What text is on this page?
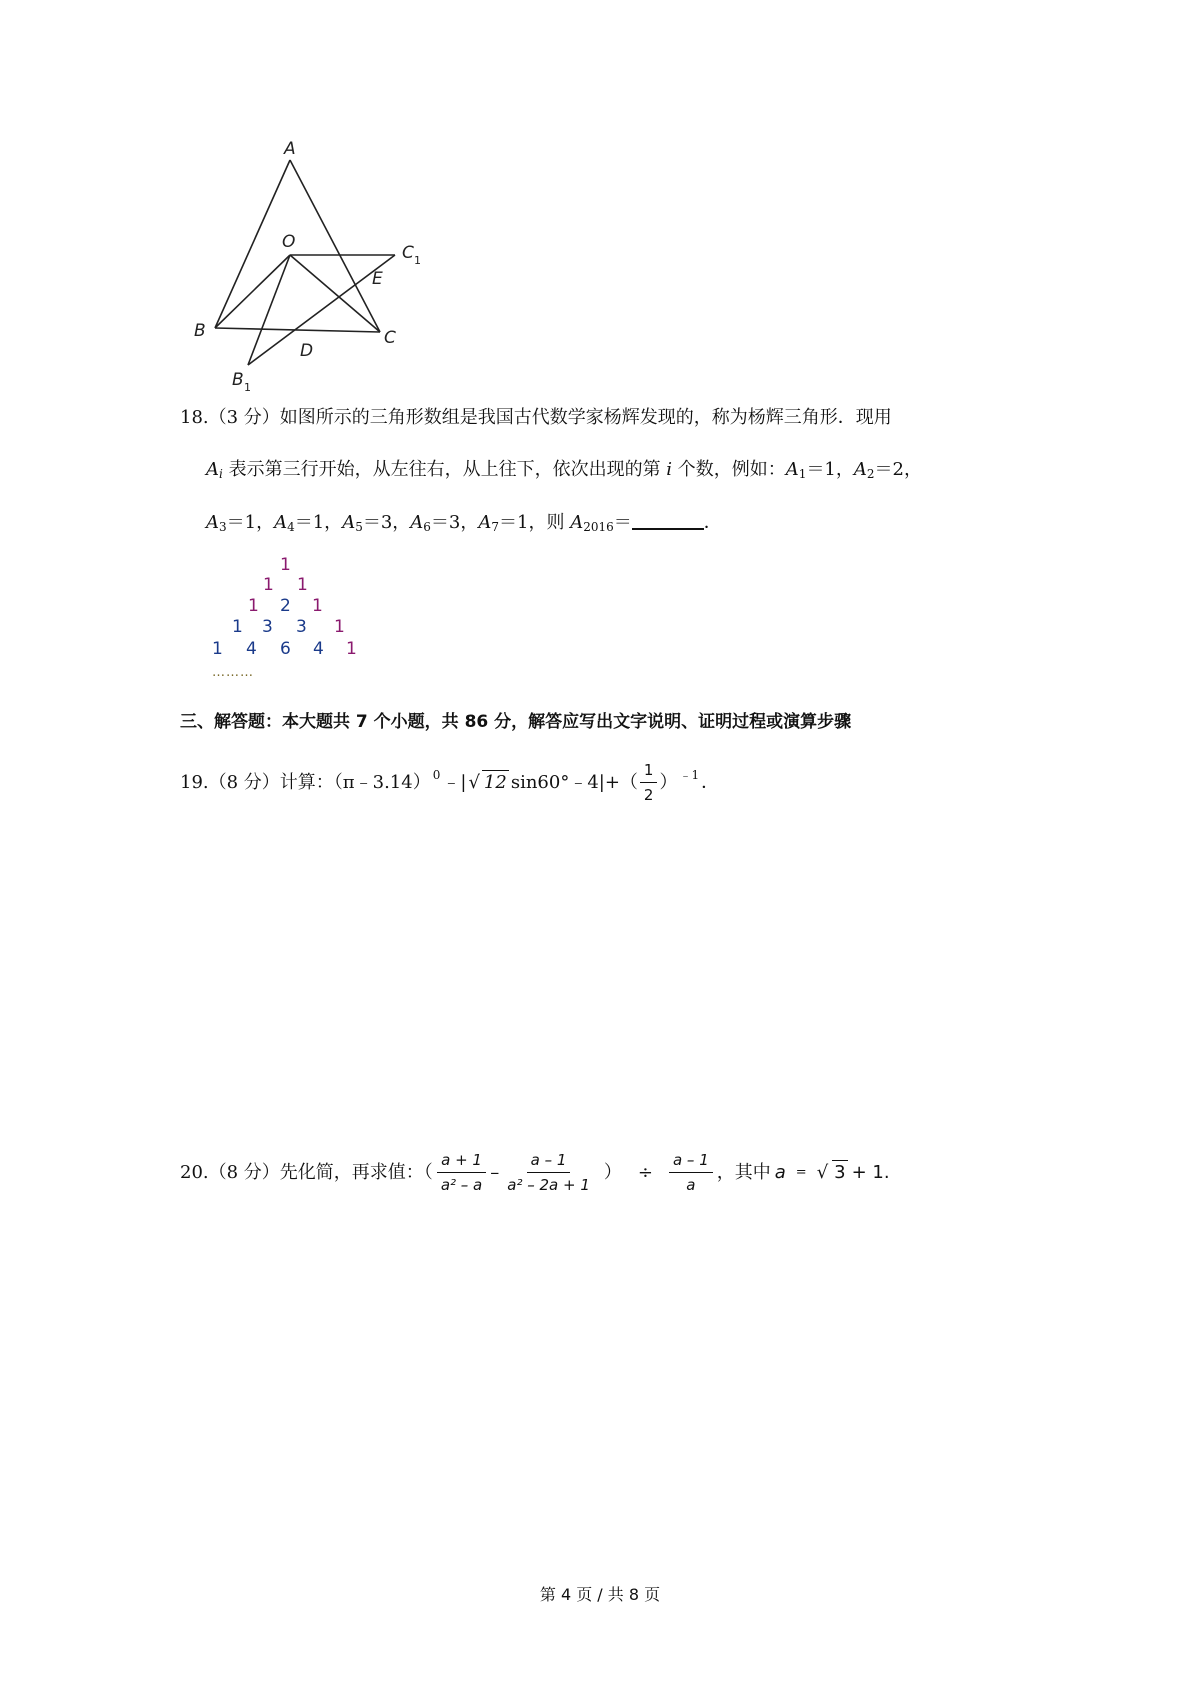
A
O
C 1
E
B	C
D
B 1
18.（3 分）如图所示的三角形数组是我国古代数学家杨辉发现的，称为杨辉三角形．现用
$A_i$ 表示第三行开始，从左往右，从上往下，依次出现的第 i 个数，例如：$A_1=1$，$A_2=2$，
$A_3=1$，$A_4=1$，$A_5=3$，$A_6=3$，$A_7=1$，则 $A_{2016}=$	．
1
1 1
1 2 1
1 3 3 1
1 4 6 4 1
………
三、解答题：本大题共 7 个小题，共 86 分，解答应写出文字说明、证明过程或演算步骤
19.（8 分）计算：（π﹣3.14）$^0$ ﹣| √ 12 sin60°﹣4|+（ $\frac{1}{2} )^{﹣1}$ ．
20.（8 分）先化简，再求值：（ $\frac{a + 1}{\text{a² – a}} - \frac{a - 1}{\text{a² – 2a + 1}}$ ） ÷ $\frac{a - 1}{a}$ ，其中 a = √ 3 + 1.
第 4 页 / 共 8 页
